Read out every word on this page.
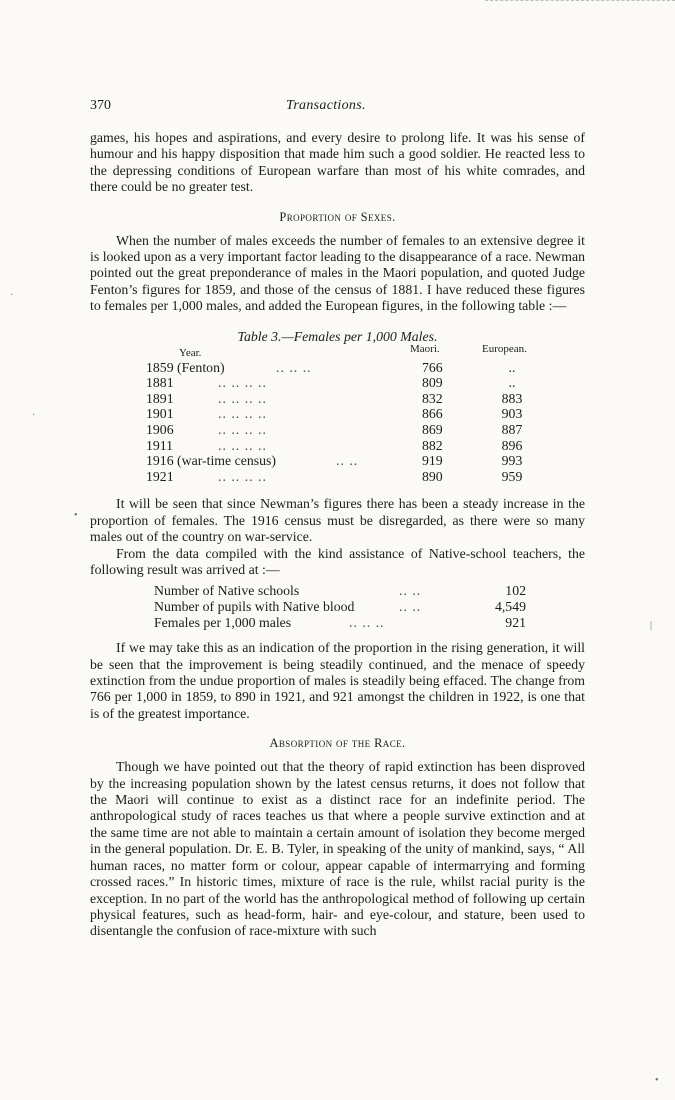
370	Transactions.

games, his hopes and aspirations, and every desire to prolong life. It was his sense of humour and his happy disposition that made him such a good soldier. He reacted less to the depressing conditions of European warfare than most of his white comrades, and there could be no greater test.

Proportion of Sexes.

When the number of males exceeds the number of females to an extensive degree it is looked upon as a very important factor leading to the disappearance of a race. Newman pointed out the great preponderance of males in the Maori population, and quoted Judge Fenton’s figures for 1859, and those of the census of 1881. I have reduced these figures to females per 1,000 males, and added the European figures, in the following table :—

Table 3.—Females per 1,000 Males.
Year.	Maori.	European.
1859 (Fenton)	.. .. ..	766	..
1881	.. .. .. ..	809	..
1891	.. .. .. ..	832	883
1901	.. .. .. ..	866	903
1906	.. .. .. ..	869	887
1911	.. .. .. ..	882	896
1916 (war-time census)	.. ..	919	993
1921	.. .. .. ..	890	959

It will be seen that since Newman’s figures there has been a steady increase in the proportion of females. The 1916 census must be disregarded, as there were so many males out of the country on war-service.

From the data compiled with the kind assistance of Native-school teachers, the following result was arrived at :—

Number of Native schools	.. ..	102
Number of pupils with Native blood	.. ..	4,549
Females per 1,000 males	.. .. ..	921

If we may take this as an indication of the proportion in the rising generation, it will be seen that the improvement is being steadily continued, and the menace of speedy extinction from the undue proportion of males is steadily being effaced. The change from 766 per 1,000 in 1859, to 890 in 1921, and 921 amongst the children in 1922, is one that is of the greatest importance.

Absorption of the Race.

Though we have pointed out that the theory of rapid extinction has been disproved by the increasing population shown by the latest census returns, it does not follow that the Maori will continue to exist as a distinct race for an indefinite period. The anthropological study of races teaches us that where a people survive extinction and at the same time are not able to maintain a certain amount of isolation they become merged in the general population. Dr. E. B. Tyler, in speaking of the unity of mankind, says, “ All human races, no matter form or colour, appear capable of intermarrying and forming crossed races.” In historic times, mixture of race is the rule, whilst racial purity is the exception. In no part of the world has the anthropological method of following up certain physical features, such as head-form, hair- and eye-colour, and stature, been used to disentangle the confusion of race-mixture with such

·
·
•
|
•
